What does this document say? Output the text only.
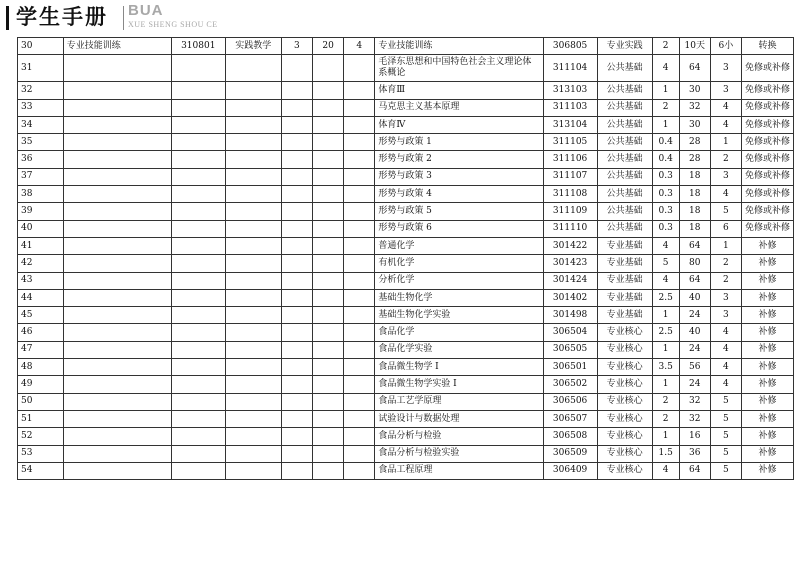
学生手册 BUA
XUE SHENG SHOU CE
30	专业技能训练	310801	实践教学	3	20	4	专业技能训练	306805	专业实践	2	10天	6小	转换
31							毛泽东思想和中国特色社会主义理论体系概论	311104	公共基础	4	64	3	免修或补修
32							体育Ⅲ	313103	公共基础	1	30	3	免修或补修
33							马克思主义基本原理	311103	公共基础	2	32	4	免修或补修
34							体育Ⅳ	313104	公共基础	1	30	4	免修或补修
35							形势与政策 1	311105	公共基础	0.4	28	1	免修或补修
36							形势与政策 2	311106	公共基础	0.4	28	2	免修或补修
37							形势与政策 3	311107	公共基础	0.3	18	3	免修或补修
38							形势与政策 4	311108	公共基础	0.3	18	4	免修或补修
39							形势与政策 5	311109	公共基础	0.3	18	5	免修或补修
40							形势与政策 6	311110	公共基础	0.3	18	6	免修或补修
41							普通化学	301422	专业基础	4	64	1	补修
42							有机化学	301423	专业基础	5	80	2	补修
43							分析化学	301424	专业基础	4	64	2	补修
44							基础生物化学	301402	专业基础	2.5	40	3	补修
45							基础生物化学实验	301498	专业基础	1	24	3	补修
46							食品化学	306504	专业核心	2.5	40	4	补修
47							食品化学实验	306505	专业核心	1	24	4	补修
48							食品微生物学 I	306501	专业核心	3.5	56	4	补修
49							食品微生物学实验 I	306502	专业核心	1	24	4	补修
50							食品工艺学原理	306506	专业核心	2	32	5	补修
51							试验设计与数据处理	306507	专业核心	2	32	5	补修
52							食品分析与检验	306508	专业核心	1	16	5	补修
53							食品分析与检验实验	306509	专业核心	1.5	36	5	补修
54							食品工程原理	306409	专业核心	4	64	5	补修
